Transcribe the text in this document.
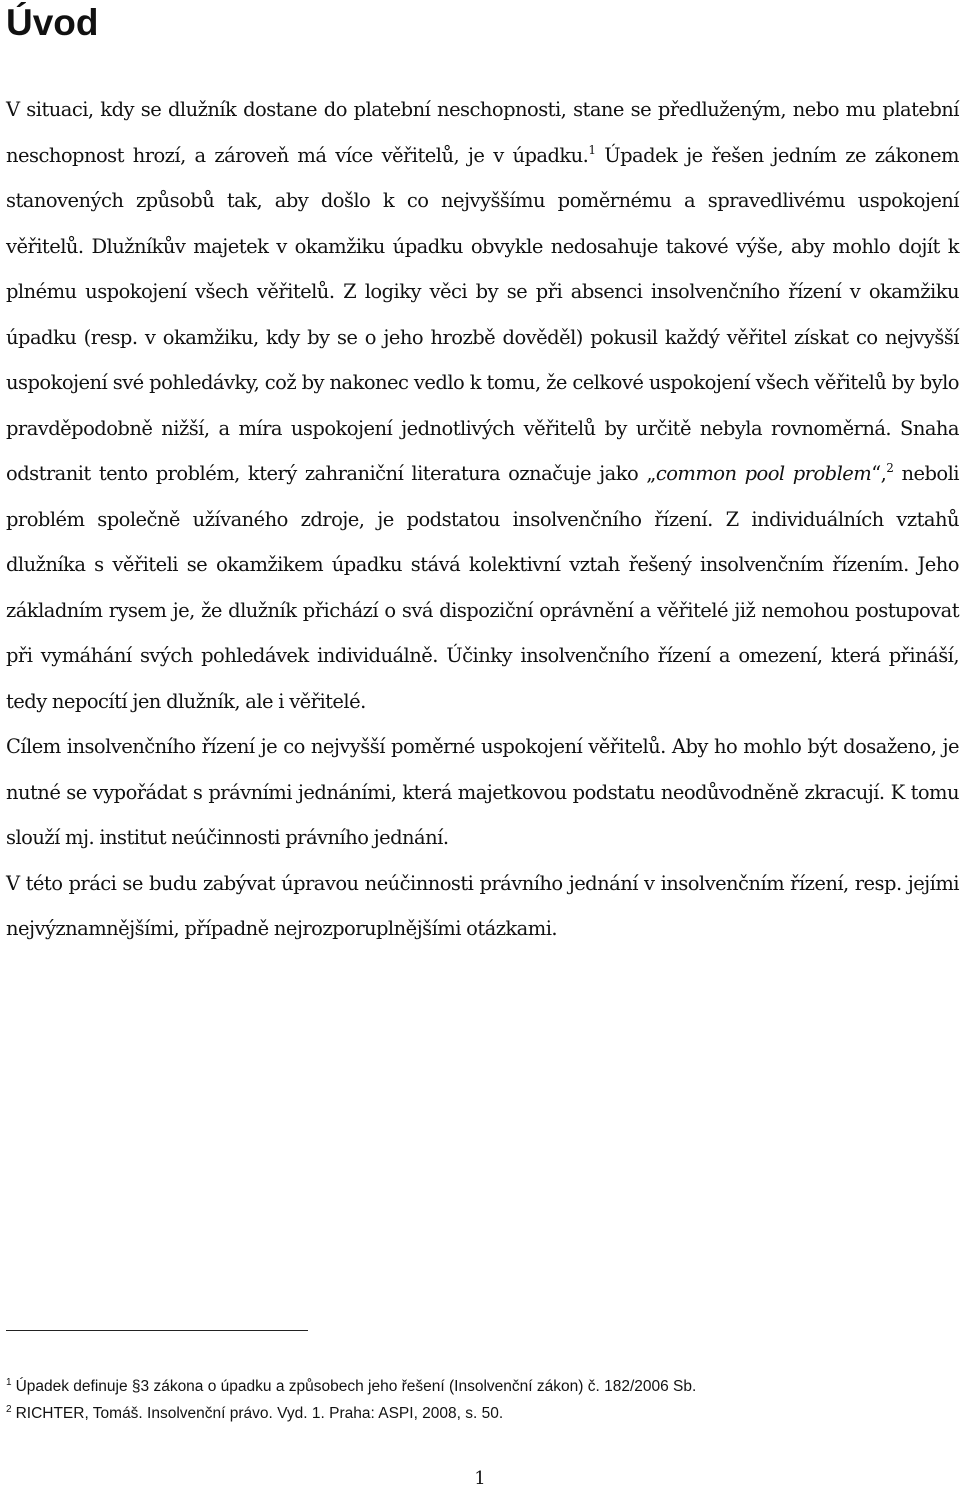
Úvod

V situaci, kdy se dlužník dostane do platební neschopnosti, stane se předluženým, nebo mu platební neschopnost hrozí, a zároveň má více věřitelů, je v úpadku.$^1$ Úpadek je řešen jedním ze zákonem stanovených způsobů tak, aby došlo k co nejvyššímu poměrnému a spravedlivému uspokojení věřitelů. Dlužníkův majetek v okamžiku úpadku obvykle nedosahuje takové výše, aby mohlo dojít k plnému uspokojení všech věřitelů. Z logiky věci by se při absenci insolvenčního řízení v okamžiku úpadku (resp. v okamžiku, kdy by se o jeho hrozbě dověděl) pokusil každý věřitel získat co nejvyšší uspokojení své pohledávky, což by nakonec vedlo k tomu, že celkové uspokojení všech věřitelů by bylo pravděpodobně nižší, a míra uspokojení jednotlivých věřitelů by určitě nebyla rovnoměrná. Snaha odstranit tento problém, který zahraniční literatura označuje jako „common pool problem“,$^2$ neboli problém společně užívaného zdroje, je podstatou insolvenčního řízení. Z individuálních vztahů dlužníka s věřiteli se okamžikem úpadku stává kolektivní vztah řešený insolvenčním řízením. Jeho základním rysem je, že dlužník přichází o svá dispoziční oprávnění a věřitelé již nemohou postupovat při vymáhání svých pohledávek individuálně. Účinky insolvenčního řízení a omezení, která přináší, tedy nepocítí jen dlužník, ale i věřitelé.

Cílem insolvenčního řízení je co nejvyšší poměrné uspokojení věřitelů. Aby ho mohlo být dosaženo, je nutné se vypořádat s právními jednáními, která majetkovou podstatu neodůvodněně zkracují. K tomu slouží mj. institut neúčinnosti právního jednání.

V této práci se budu zabývat úpravou neúčinnosti právního jednání v insolvenčním řízení, resp. jejími nejvýznamnějšími, případně nejrozporuplnějšími otázkami.

$^1$ Úpadek definuje §3 zákona o úpadku a způsobech jeho řešení (Insolvenční zákon) č. 182/2006 Sb.
$^2$ RICHTER, Tomáš. Insolvenční právo. Vyd. 1. Praha: ASPI, 2008, s. 50.
1
